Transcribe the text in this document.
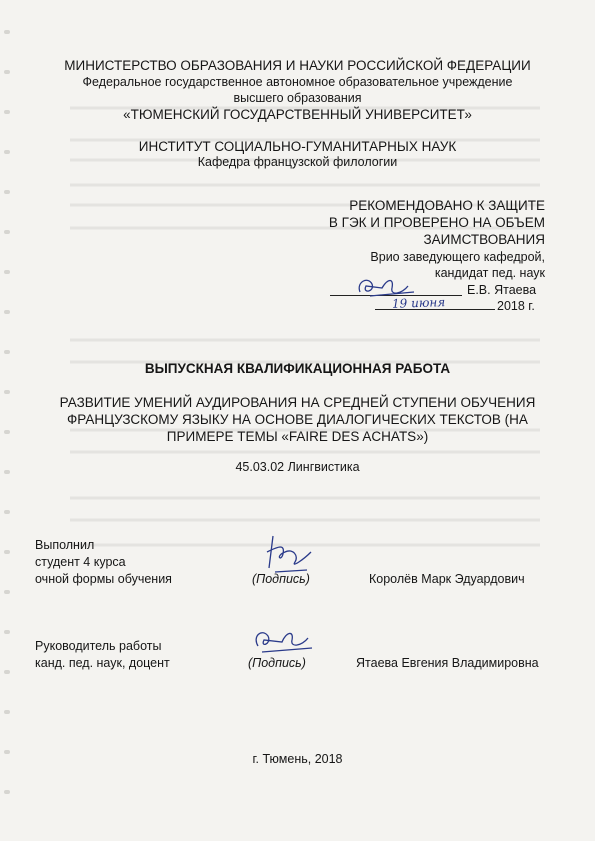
МИНИСТЕРСТВО ОБРАЗОВАНИЯ И НАУКИ РОССИЙСКОЙ ФЕДЕРАЦИИ
Федеральное государственное автономное образовательное учреждение
высшего образования
«ТЮМЕНСКИЙ ГОСУДАРСТВЕННЫЙ УНИВЕРСИТЕТ»
ИНСТИТУТ СОЦИАЛЬНО-ГУМАНИТАРНЫХ НАУК
Кафедра французской филологии
РЕКОМЕНДОВАНО К ЗАЩИТЕ
В ГЭК И ПРОВЕРЕНО НА ОБЪЕМ
ЗАИМСТВОВАНИЯ
Врио заведующего кафедрой,
кандидат пед. наук
Е.В. Ятаева
19 июня	2018 г.
ВЫПУСКНАЯ КВАЛИФИКАЦИОННАЯ РАБОТА
РАЗВИТИЕ УМЕНИЙ АУДИРОВАНИЯ НА СРЕДНЕЙ СТУПЕНИ ОБУЧЕНИЯ
ФРАНЦУЗСКОМУ ЯЗЫКУ НА ОСНОВЕ ДИАЛОГИЧЕСКИХ ТЕКСТОВ (НА
ПРИМЕРЕ ТЕМЫ «FAIRE DES ACHATS»)
45.03.02 Лингвистика
Выполнил
студент 4 курса
очной формы обучения	(Подпись)	Королёв Марк Эдуардович
Руководитель работы
канд. пед. наук, доцент	(Подпись)	Ятаева Евгения Владимировна
г. Тюмень, 2018
